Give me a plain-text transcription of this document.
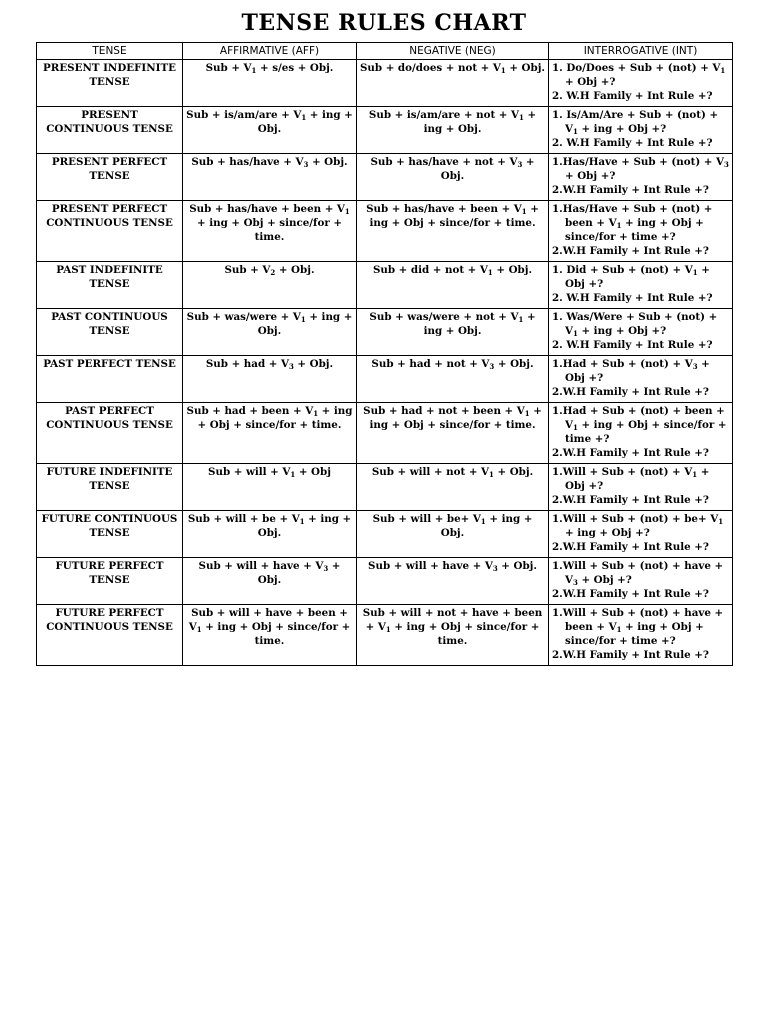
TENSE RULES CHART
TENSE	AFFIRMATIVE (AFF)	NEGATIVE (NEG)	INTERROGATIVE (INT)
PRESENT INDEFINITE TENSE	Sub + $V_1 + s/es$ + Obj.	Sub + do/does + not + $V_1$ + Obj.	1. Do/Does + Sub + $(not) + V_1$ + Obj +?
2. W.H Family + Int Rule +?

PRESENT CONTINUOUS TENSE	Sub + $is/am/are + V_1$ + ing + Obj.	Sub + is/am/are + not + $V_1$ + ing + Obj.	1. Is/Am/Are + Sub + $(not) + V_1$ + ing + Obj +?
2. W.H Family + Int Rule +?

PRESENT PERFECT TENSE	Sub + has/have + $V_3$ + Obj.	Sub + has/have + not + $V_3$ + Obj.	1.Has/Have + Sub + $(not) + V_3$ + Obj +?
2.W.H Family + Int Rule +?

PRESENT PERFECT CONTINUOUS TENSE	Sub + has/have + been + $V_1$ + ing + Obj + since/for + time.	Sub + has/have + been + $V_1$ + ing + Obj + since/for + time.	1.Has/Have + Sub + (not) + been + $V_1$ + ing + Obj + since/for + time +?
2.W.H Family + Int Rule +?

PAST INDEFINITE TENSE	Sub + $V_2$ + Obj.	Sub + did + not + $V_1$ + Obj.	1. Did + Sub + $(not) + V_1$ + Obj +?
2. W.H Family + Int Rule +?

PAST CONTINUOUS TENSE	Sub + was/were + $V_1$ + ing + Obj.	Sub + was/were + not + $V_1$ + ing + Obj.	1. Was/Were + Sub + $(not) + V_1$ + ing + Obj +?
2. W.H Family + Int Rule +?

PAST PERFECT TENSE	Sub + had + $V_3$ + Obj.	Sub + had + not + $V_3$ + Obj.	1.Had + Sub + $(not) + V_3$ + Obj +?
2.W.H Family + Int Rule +?

PAST PERFECT CONTINUOUS TENSE	Sub + had + been + $V_1$ + ing + Obj + since/for + time.	Sub + had + not + been + $V_1$ + ing + Obj + since/for + time.	1.Had + Sub + (not) + been + $V_1$ + ing + Obj + since/for + time +?
2.W.H Family + Int Rule +?

FUTURE INDEFINITE TENSE	Sub + will + $V_1$ + Obj	Sub + will + not + $V_1$ + Obj.	1.Will + Sub + $(not) + V_1$ + Obj +?
2.W.H Family + Int Rule +?

FUTURE CONTINUOUS TENSE	Sub + will + be + $V_1$ + ing + Obj.	Sub + will + $be+ V_1$ + ing + Obj.	1.Will + Sub + $(not) + be+ V_1$ + ing + Obj +?
2.W.H Family + Int Rule +?

FUTURE PERFECT TENSE	Sub + will + have + $V_3$ + Obj.	Sub + will + have + $V_3$ + Obj.	1.Will + Sub + (not) + have + $V_3$ + Obj +?
2.W.H Family + Int Rule +?

FUTURE PERFECT CONTINUOUS TENSE	Sub + will + have + been + $V_1$ + ing + Obj + since/for + time.	Sub + will + not + have + been + $V_1$ + ing + Obj + since/for + time.	1.Will + Sub + (not) + have + been + $V_1$ + ing + Obj + since/for + time +?
2.W.H Family + Int Rule +?
